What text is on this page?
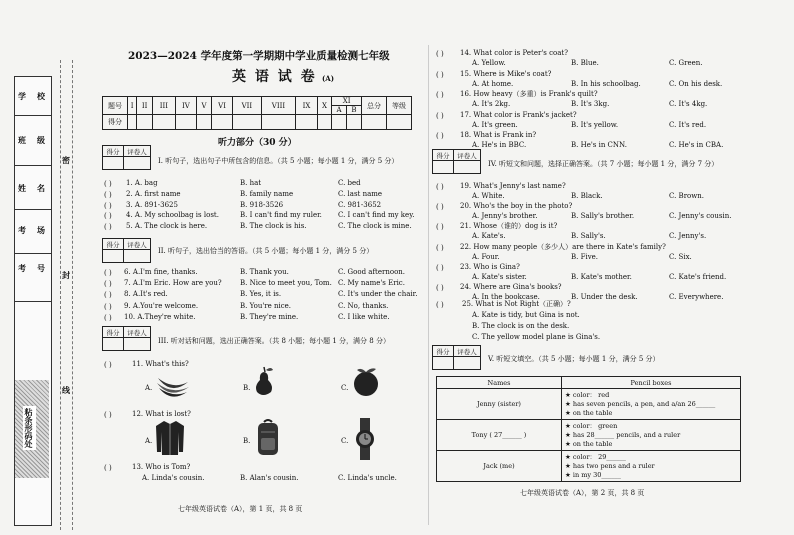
学 校
班 级
姓 名
考 场
考 号
粘条形码处
密
封
线
2023—2024 学年度第一学期期中学业质量检测七年级
英 语 试 卷 (A)
题号	I	II	III	IV	V	VI	VII	VIII	IX	X	XI		总分	等级
											A	B		
得分														
听力部分（30 分）
得分	评卷人

I. 听句子，选出句子中所包含的信息。（共 5 小题；每小题 1 分，满分 5 分）
( ) 1. A. bag	B. hat	C. bed
( ) 2. A. first name	B. family name	C. last name
( ) 3. A. 891-3625	B. 918-3526	C. 981-3652
( ) 4. A. My schoolbag is lost.	B. I can't find my ruler. C. I can't find my key.
( ) 5. A. The clock is here.	B. The clock is his.	C. The clock is mine.
得分	评卷人

II. 听句子，选出恰当的答语。（共 5 小题；每小题 1 分，满分 5 分）
( ) 6. A.I'm fine, thanks.	B. Thank you.	C. Good afternoon.
( ) 7. A.I'm Eric. How are you?	B. Nice to meet you, Tom. C. My name's Eric.
( ) 8. A.It's red.	B. Yes, it is.	C. It's under the chair.
( ) 9. A.You're welcome.	B. You're nice.	C. No, thanks.
( ) 10. A.They're white.	B. They're mine.	C. I like white.
得分	评卷人

III. 听对话和问题，选出正确答案。（共 8 小题；每小题 1 分，满分 8 分）
( )	11. What's this?
A.	B.	C.
( )	12. What is lost?
A.	B.	C.
( )	13. Who is Tom?
A. Linda's cousin.	B. Alan's cousin.	C. Linda's uncle.
七年级英语试卷（A），第 1 页，共 8 页
( ) 14. What color is Peter's coat?
A. Yellow.	B. Blue.	C. Green.
( ) 15. Where is Mike's coat?
A. At home.	B. In his schoolbag.	C. On his desk.
( ) 16. How heavy（多重）is Frank's quilt?
A. It's 2kg.	B. It's 3kg.	C. It's 4kg.
( ) 17. What color is Frank's jacket?
A. It's green.	B. It's yellow.	C. It's red.
( ) 18. What is Frank in?
A. He's in BBC.	B. He's in CNN.	C. He's in CBA.
得分	评卷人

IV. 听短文和问题，选择正确答案。（共 7 小题；每小题 1 分，满分 7 分）
( ) 19. What's Jenny's last name?
A. White.	B. Black.	C. Brown.
( ) 20. Who's the boy in the photo?
A. Jenny's brother.	B. Sally's brother.	C. Jenny's cousin.
( ) 21. Whose（谁的）dog is it?
A. Kate's.	B. Sally's.	C. Jenny's.
( ) 22. How many people（多少人）are there in Kate's family?
A. Four.	B. Five.	C. Six.
( ) 23. Who is Gina?
A. Kate's sister.	B. Kate's mother.	C. Kate's friend.
( ) 24. Where are Gina's books?
A. In the bookcase.	B. Under the desk.	C. Everywhere.
( )	25. What is Not Right（正确）?
A. Kate is tidy, but Gina is not.
B. The clock is on the desk.
C. The yellow model plane is Gina's.
得分	评卷人

V. 听短文填空。（共 5 小题；每小题 1 分，满分 5 分）
Names	Pencil boxes
Jenny (sister)	★ color： red
★ has seven pencils, a pen, and a/an 26______
★ on the table

Tony ( 27______ )	★ color： green
★ has 28______ pencils, and a ruler
★ on the table

Jack (me)	★ color： 29______
★ has two pens and a ruler
★ in my 30______
七年级英语试卷（A），第 2 页，共 8 页
